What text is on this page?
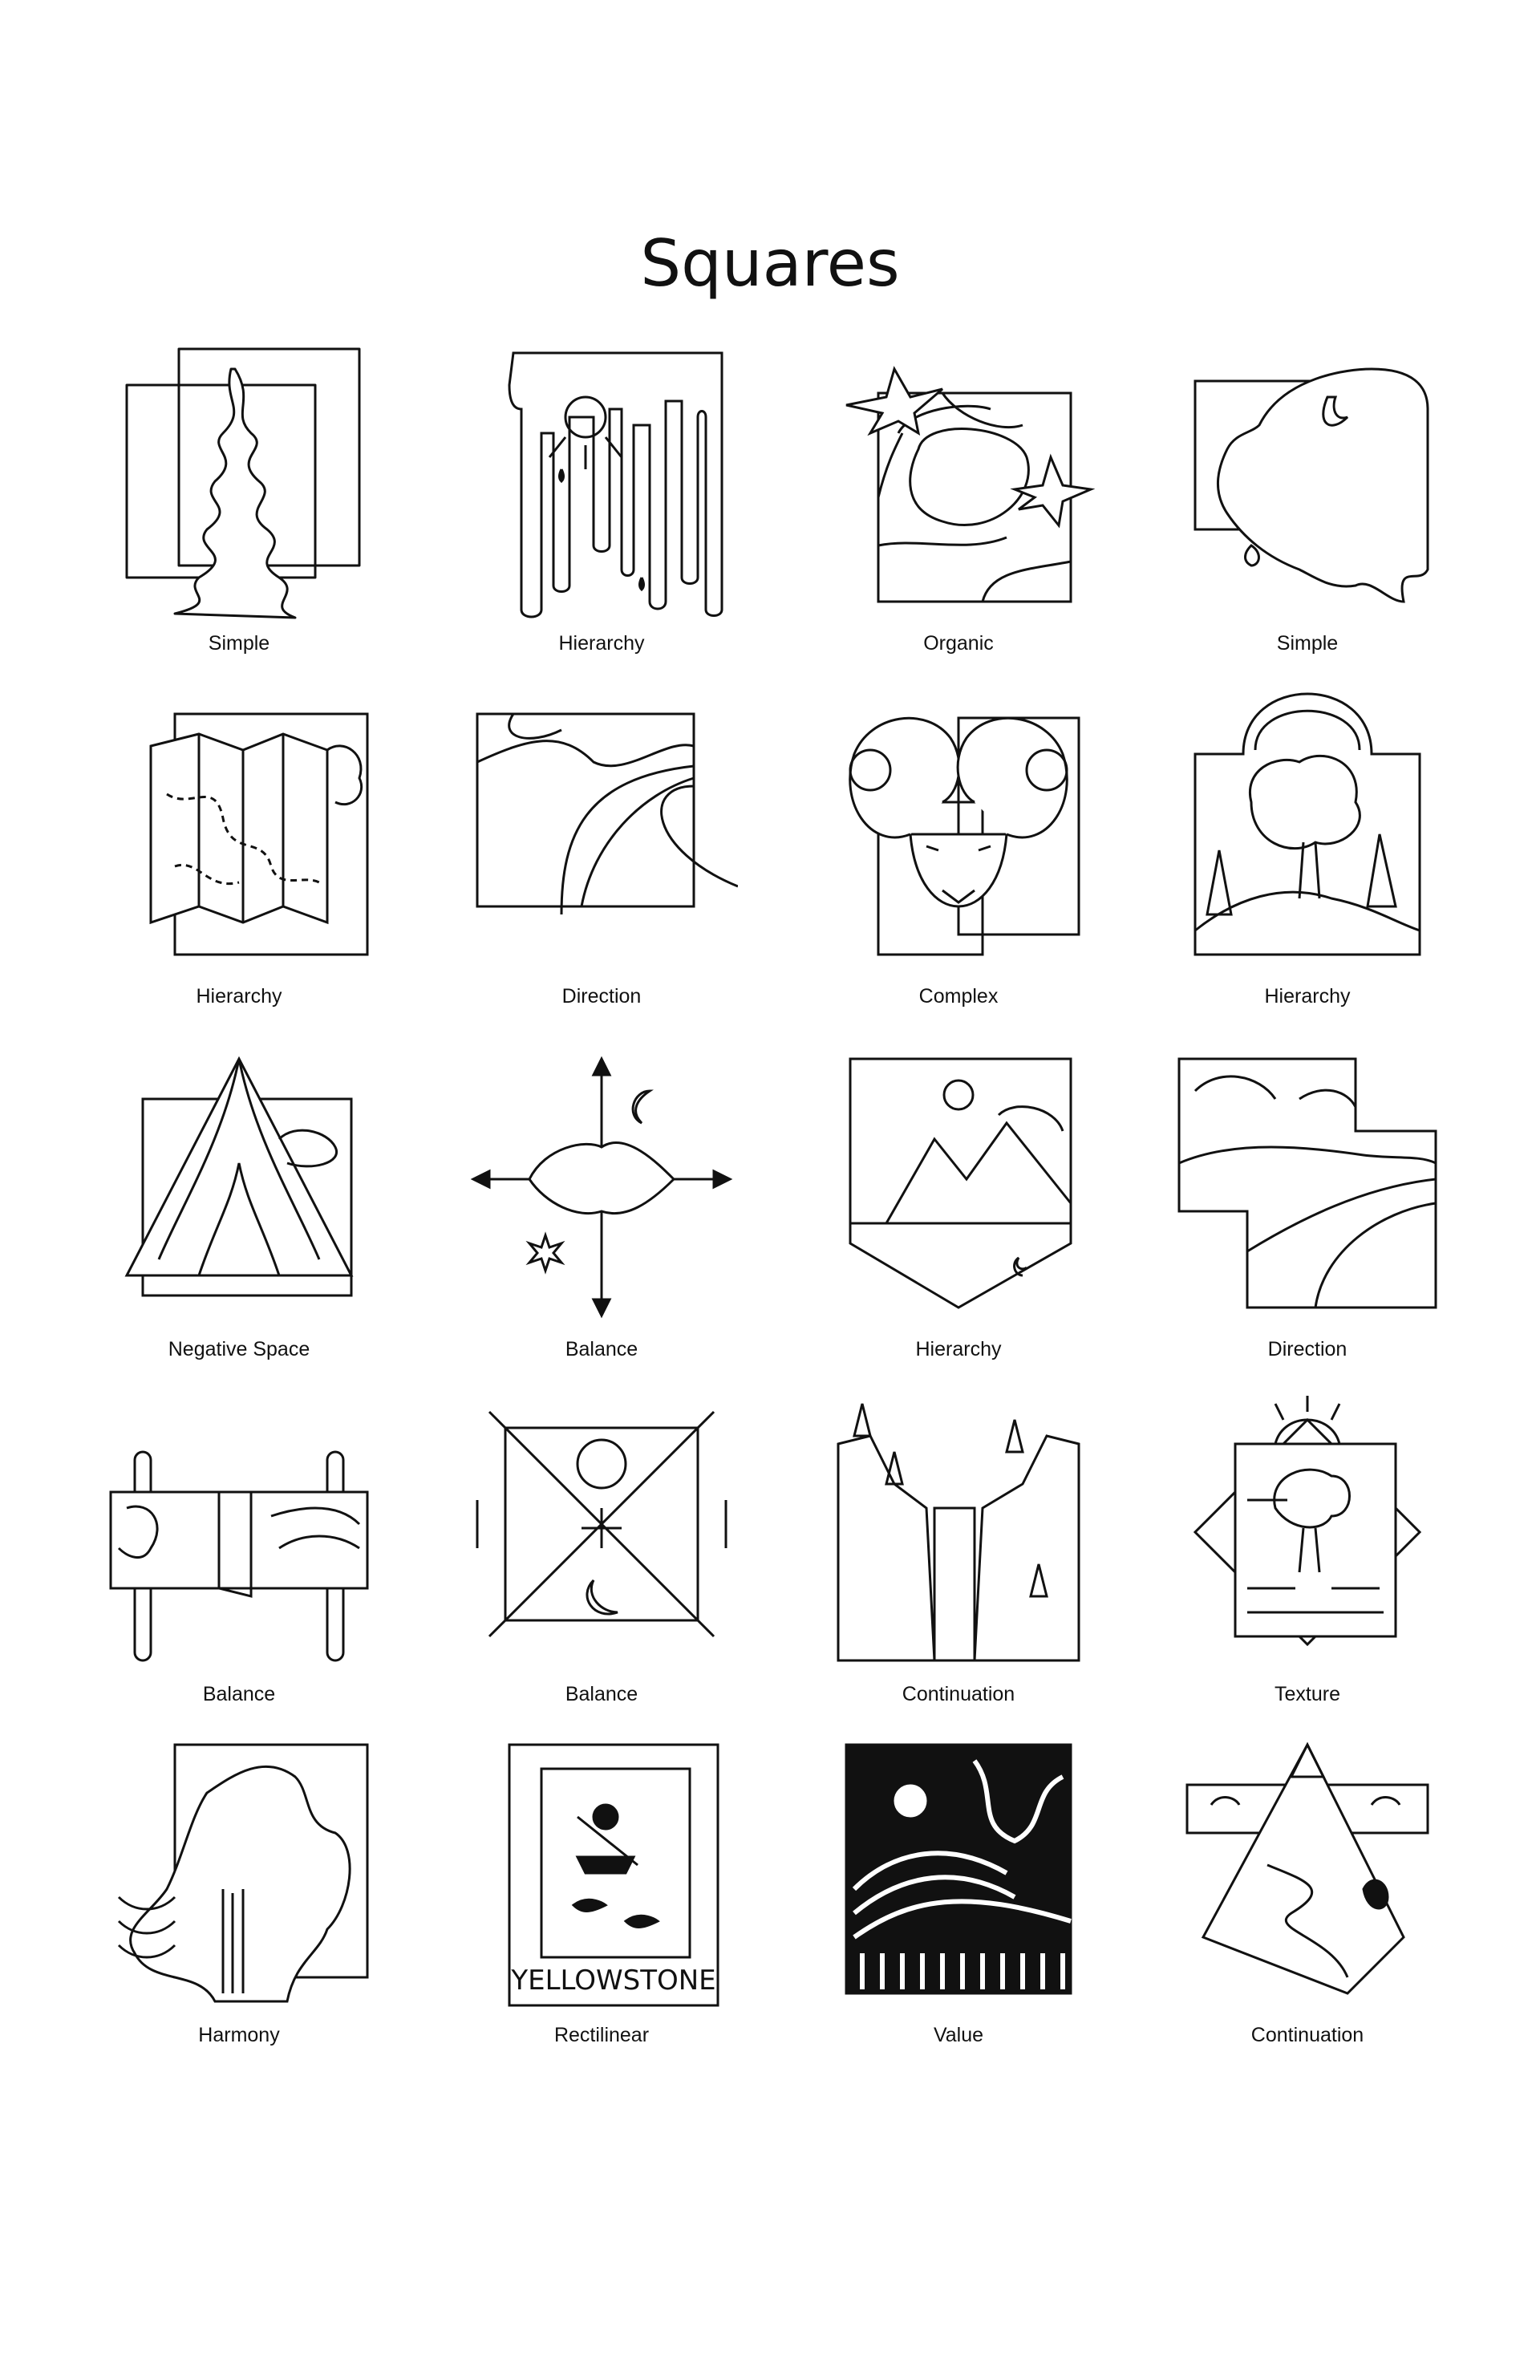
Squares
Simple	Hierarchy	Organic	Simple
Hierarchy	Direction	Complex	Hierarchy
Negative Space	Balance	Hierarchy	Direction
Balance	Balance	Continuation	Texture
Harmony
YELLOWSTONE
Rectilinear	Value	Continuation
